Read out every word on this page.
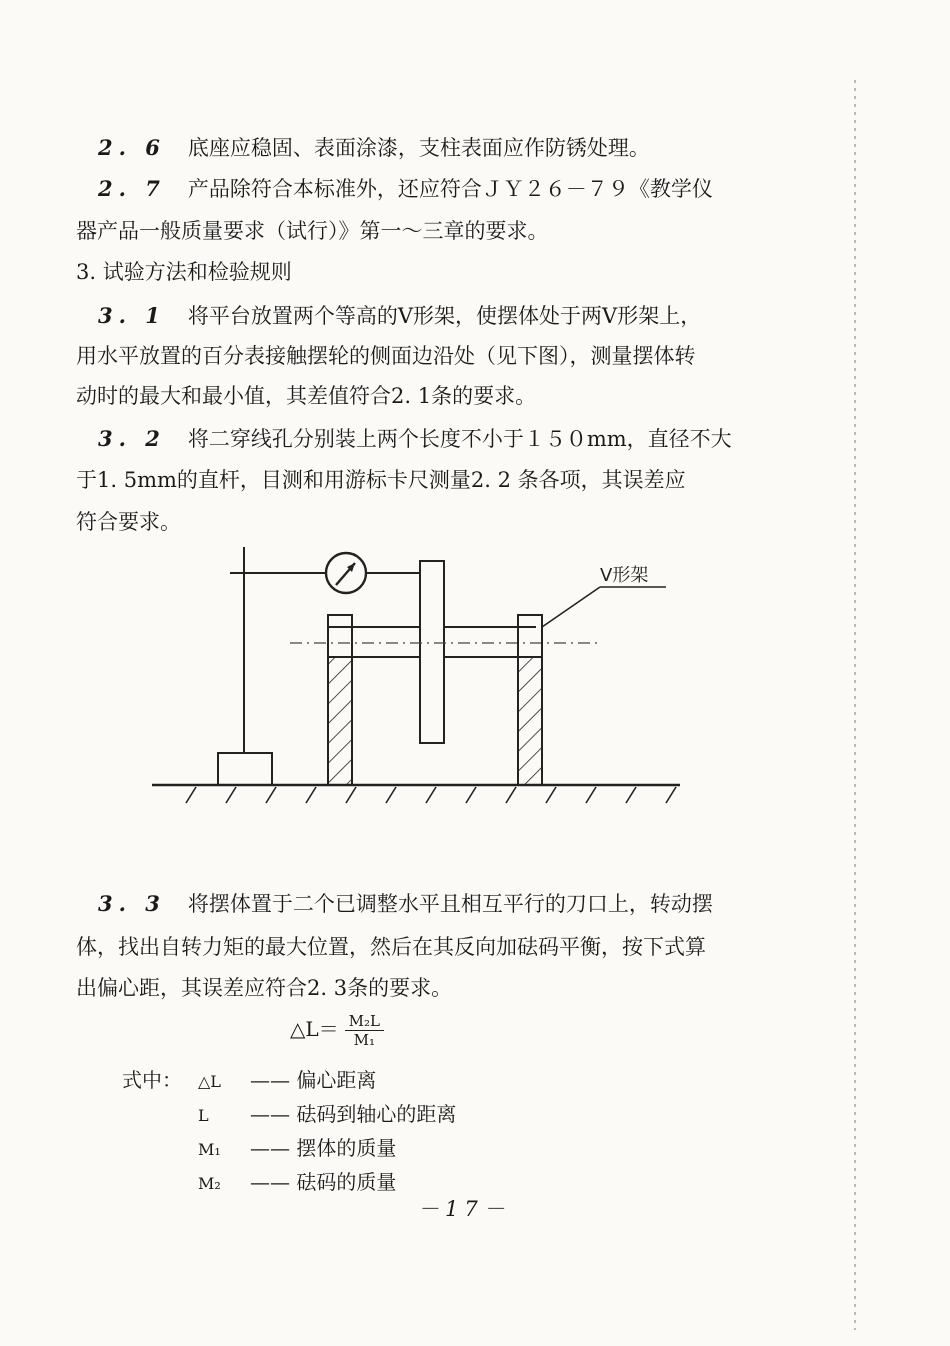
2. 6 底座应稳固、表面涂漆，支柱表面应作防锈处理。
2. 7 产品除符合本标准外，还应符合ＪＹ２６－７９《教学仪
器产品一般质量要求（试行）》第一～三章的要求。
3. 试验方法和检验规则
3. 1 将平台放置两个等高的V形架，使摆体处于两V形架上，
用水平放置的百分表接触摆轮的侧面边沿处（见下图），测量摆体转
动时的最大和最小值，其差值符合2. 1条的要求。
3. 2 将二穿线孔分别装上两个长度不小于１５０mm，直径不大
于1. 5mm的直杆，目测和用游标卡尺测量2. 2 条各项，其误差应
符合要求。
V形架
3. 3 将摆体置于二个已调整水平且相互平行的刀口上，转动摆
体，找出自转力矩的最大位置，然后在其反向加砝码平衡，按下式算
出偏心距，其误差应符合2. 3条的要求。
△L＝ $\frac{\text{M₂L}}{\text{M₁}}$
式中： △L —— 偏心距离
L —— 砝码到轴心的距离
M₁ —— 摆体的质量
M₂ —— 砝码的质量
－17－
